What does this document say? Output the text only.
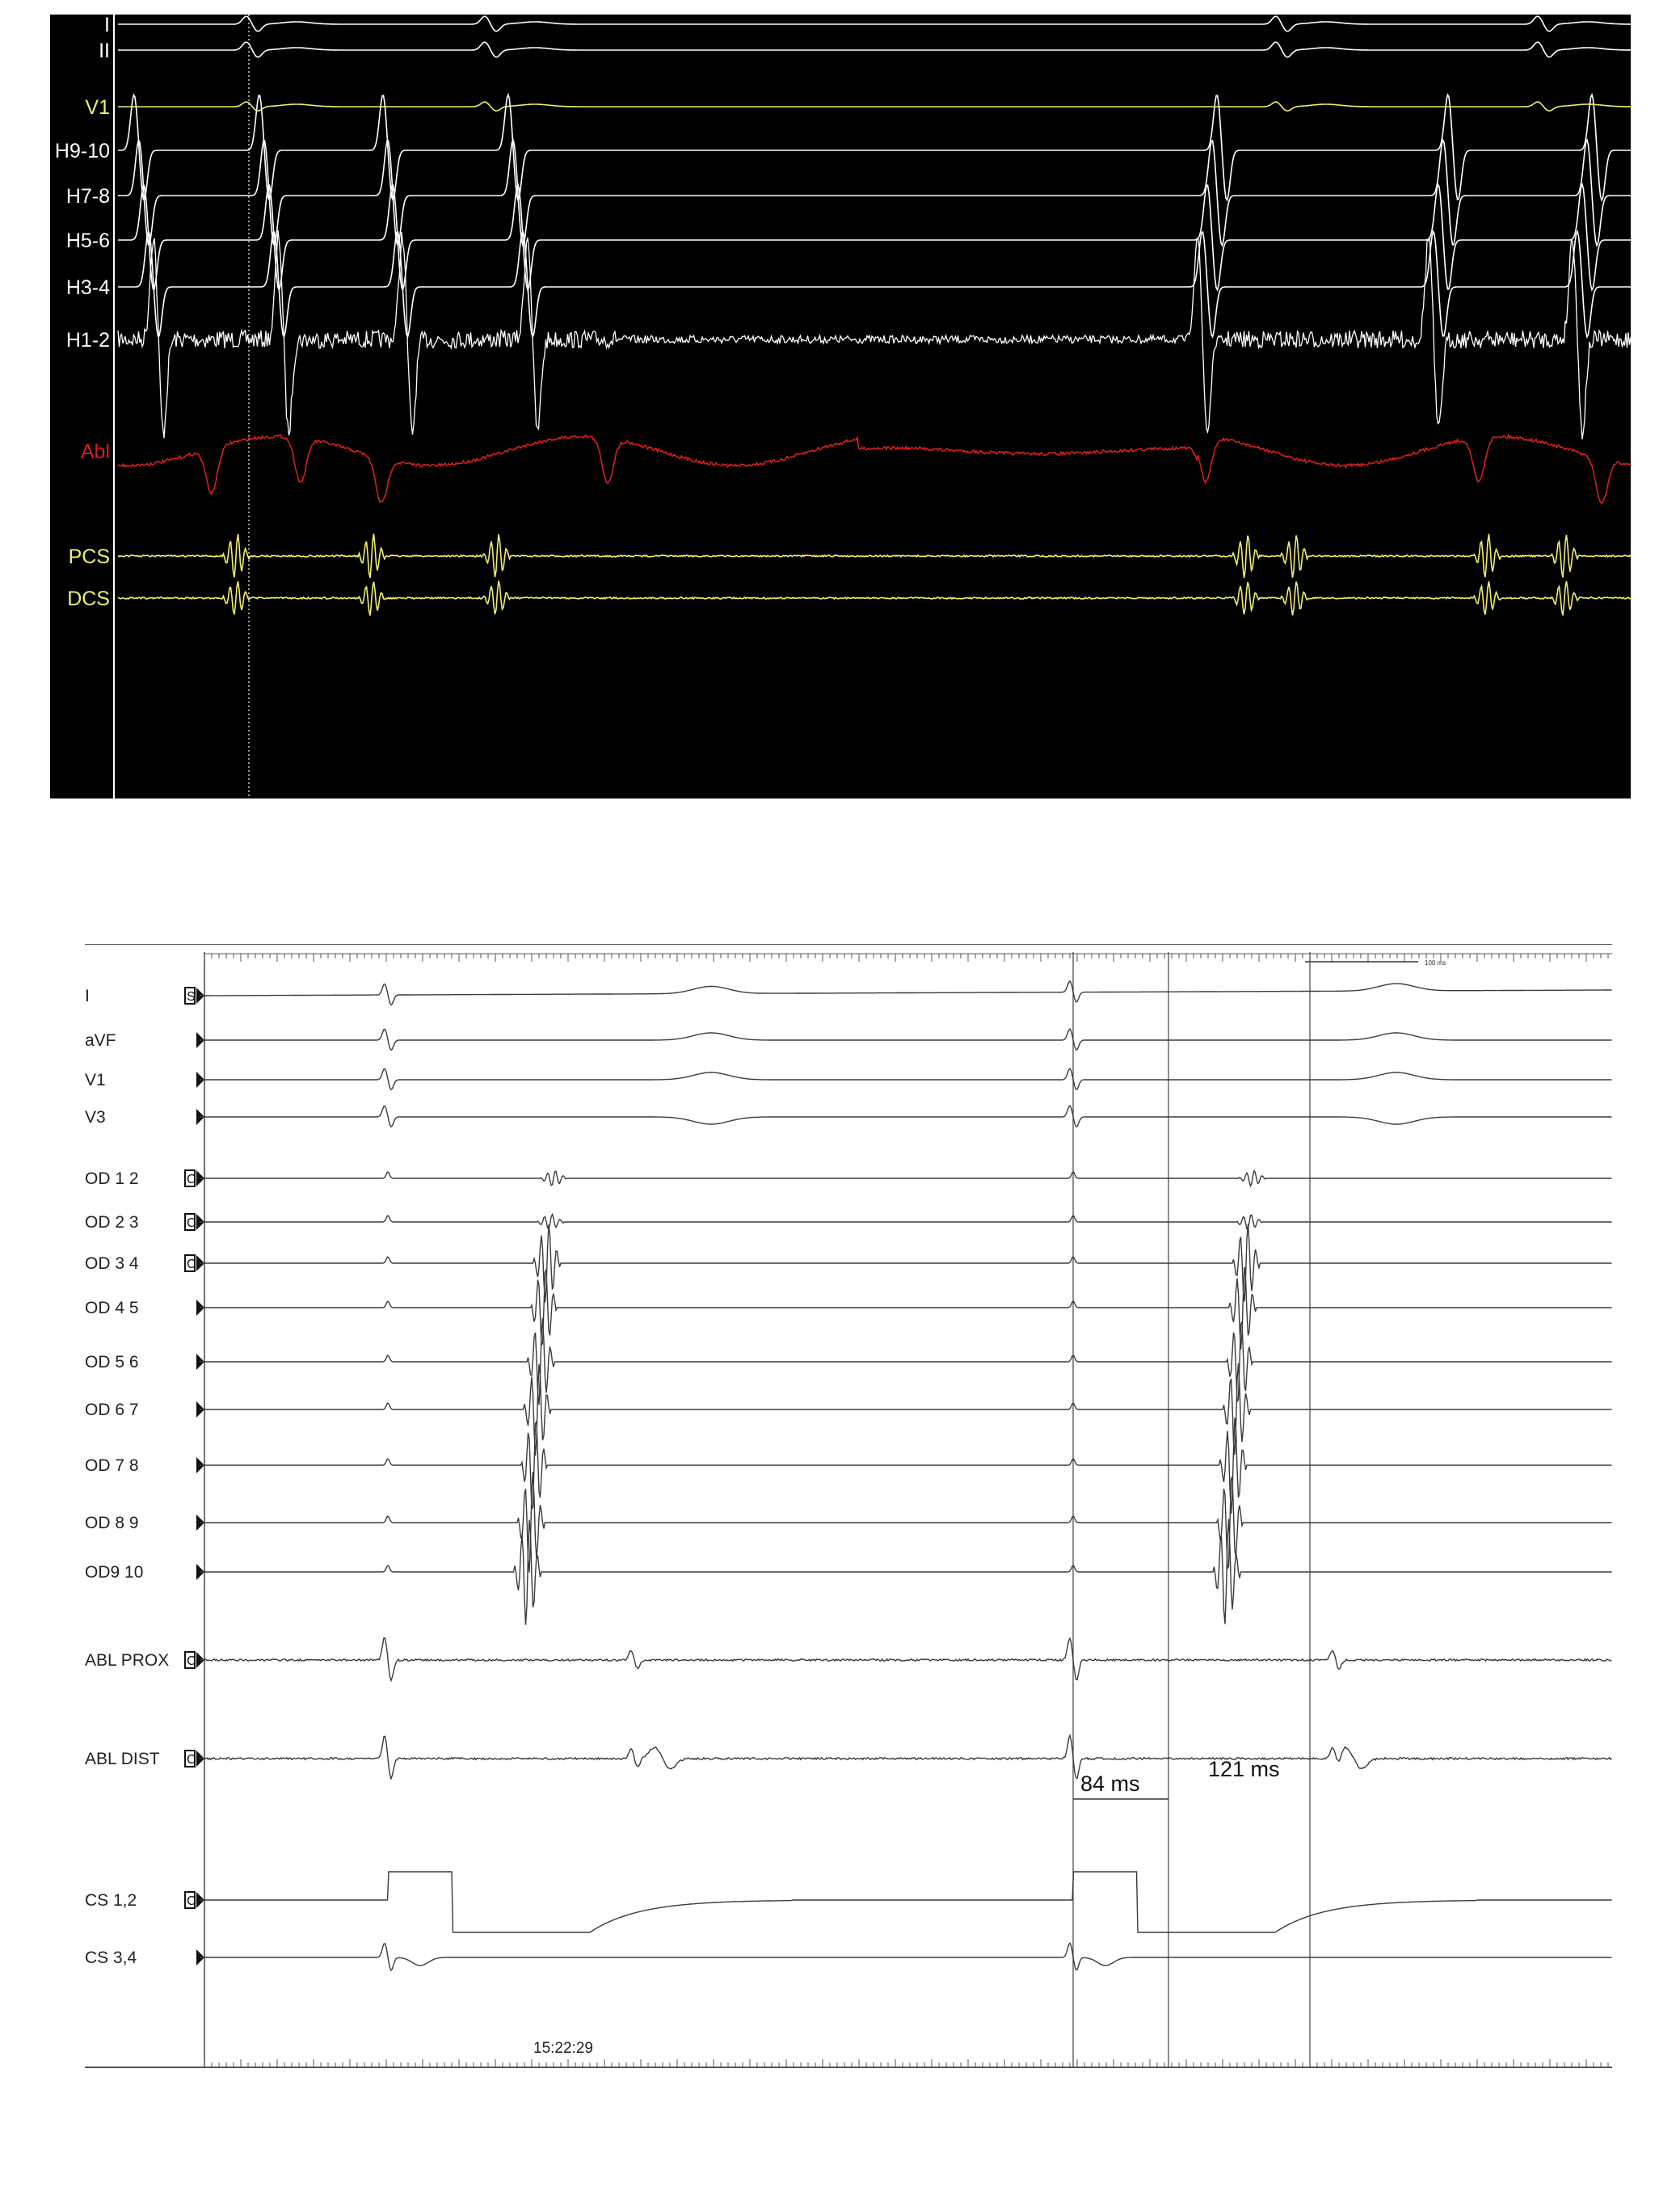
I
II
V1
H9-10
H7-8
H5-6
H3-4
H1-2
Abl
PCS
DCS
100 ms
I	S
aVF
V1
V3
OD 1 2	C
OD 2 3	C
OD 3 4	C
OD 4 5
OD 5 6
OD 6 7
OD 7 8
OD 8 9
OD9 10
ABL PROX C
ABL DIST C
CS 1,2	C
CS 3,4
84 ms
121 ms
15:22:29
